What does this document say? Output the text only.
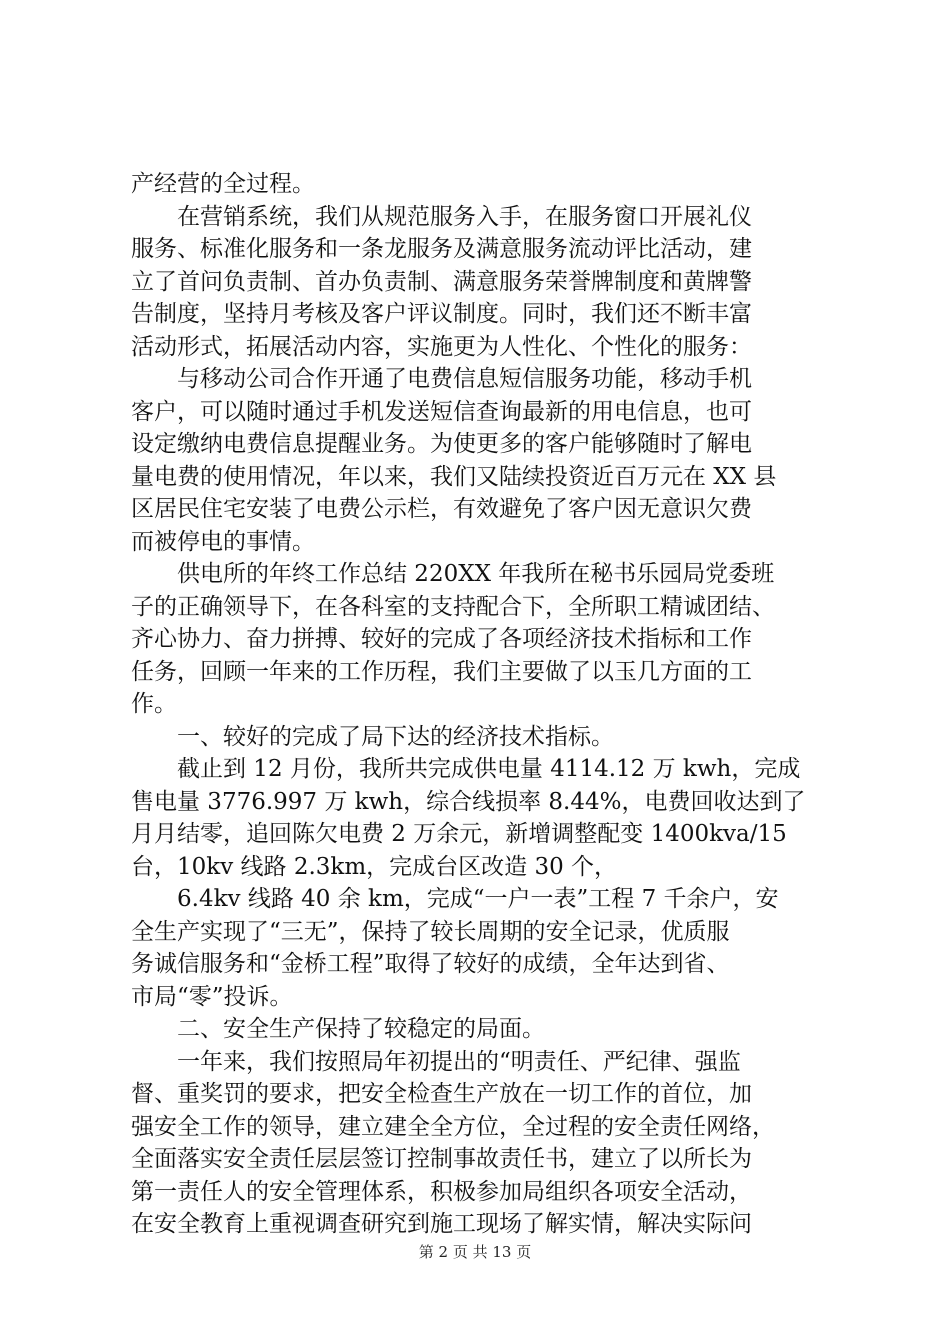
产经营的全过程。
在营销系统，我们从规范服务入手，在服务窗口开展礼仪
服务、标准化服务和一条龙服务及满意服务流动评比活动，建
立了首问负责制、首办负责制、满意服务荣誉牌制度和黄牌警
告制度，坚持月考核及客户评议制度。同时，我们还不断丰富
活动形式，拓展活动内容，实施更为人性化、个性化的服务：
与移动公司合作开通了电费信息短信服务功能，移动手机
客户，可以随时通过手机发送短信查询最新的用电信息，也可
设定缴纳电费信息提醒业务。为使更多的客户能够随时了解电
量电费的使用情况，年以来，我们又陆续投资近百万元在 XX 县
区居民住宅安装了电费公示栏，有效避免了客户因无意识欠费
而被停电的事情。
供电所的年终工作总结 220XX 年我所在秘书乐园局党委班
子的正确领导下，在各科室的支持配合下，全所职工精诚团结、
齐心协力、奋力拼搏、较好的完成了各项经济技术指标和工作
任务，回顾一年来的工作历程，我们主要做了以玉几方面的工
作。
一、较好的完成了局下达的经济技术指标。
截止到 12 月份，我所共完成供电量 4114.12 万 kwh，完成
售电量 3776.997 万 kwh，综合线损率 8.44%，电费回收达到了
月月结零，追回陈欠电费 2 万余元，新增调整配变 1400kva/15
台，10kv 线路 2.3km，完成台区改造 30 个，
6.4kv 线路 40 余 km，完成“一户一表”工程 7 千余户，安
全生产实现了“三无”，保持了较长周期的安全记录，优质服
务诚信服务和“金桥工程”取得了较好的成绩，全年达到省、
市局“零”投诉。
二、安全生产保持了较稳定的局面。
一年来，我们按照局年初提出的“明责任、严纪律、强监
督、重奖罚的要求，把安全检查生产放在一切工作的首位，加
强安全工作的领导，建立建全全方位，全过程的安全责任网络，
全面落实安全责任层层签订控制事故责任书，建立了以所长为
第一责任人的安全管理体系，积极参加局组织各项安全活动，
在安全教育上重视调查研究到施工现场了解实情，解决实际问
第 2 页 共 13 页
